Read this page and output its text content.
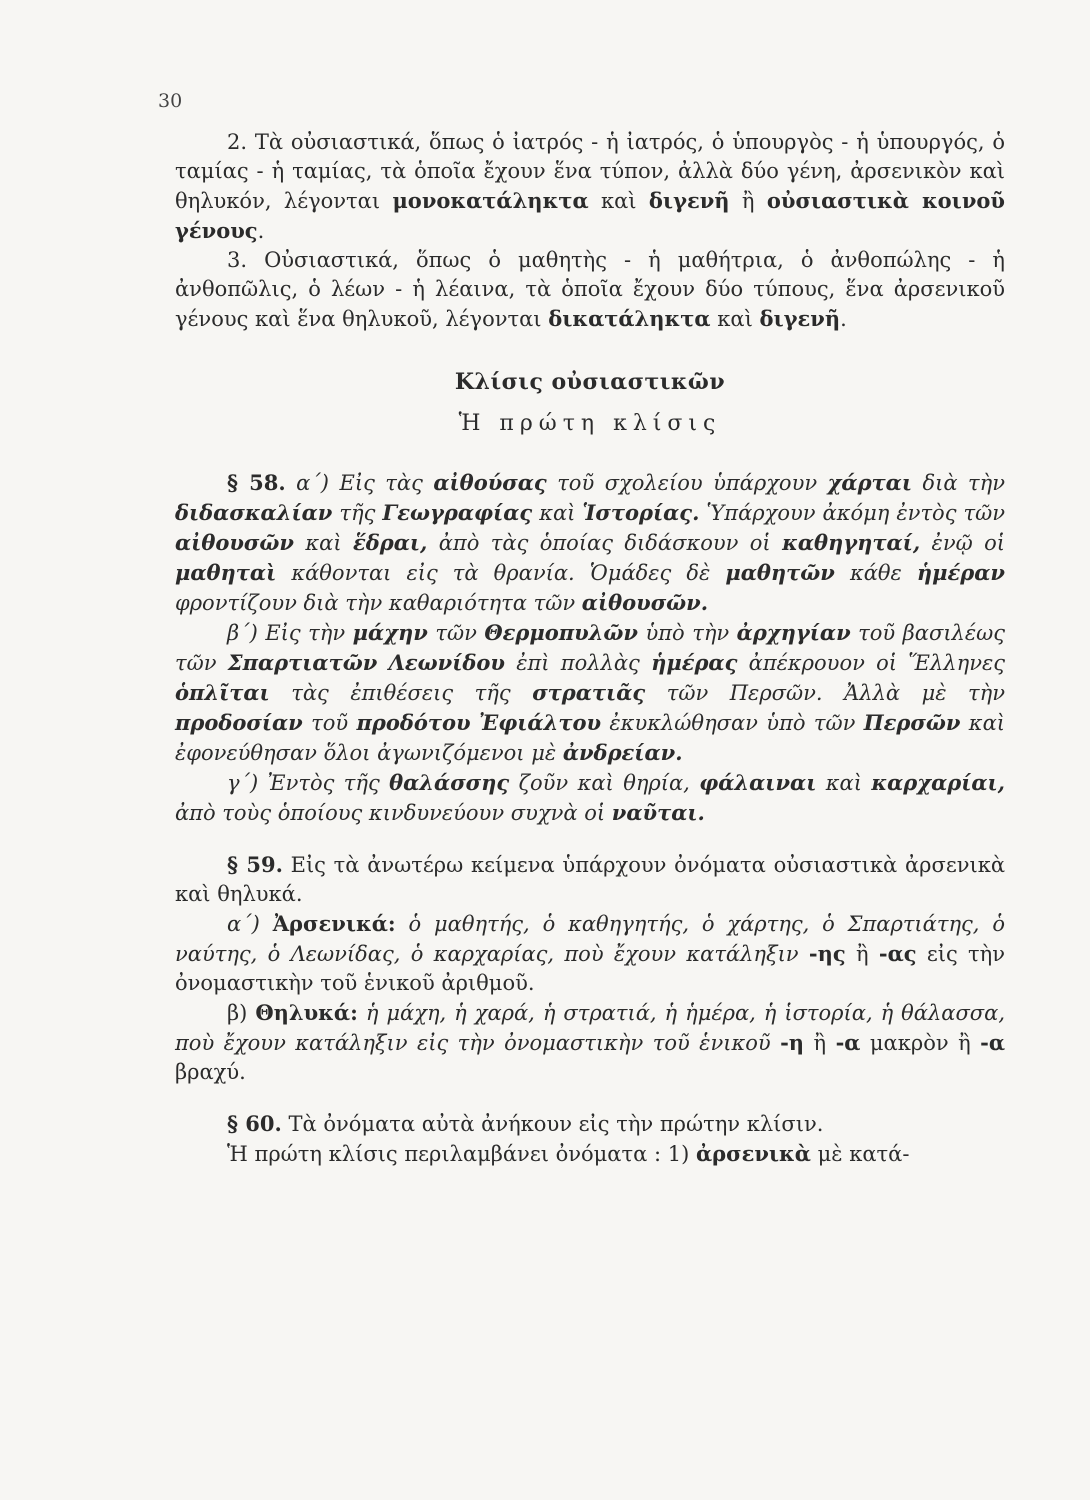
30

2. Τὰ οὐσιαστικά, ὅπως ὁ ἰατρός - ἡ ἰατρός, ὁ ὑπουργὸς - ἡ ὑπουργός, ὁ ταμίας - ἡ ταμίας, τὰ ὁποῖα ἔχουν ἕνα τύπον, ἀλλὰ δύο γένη, ἀρσενικὸν καὶ θηλυκόν, λέγονται μονοκατάληκτα καὶ διγενῆ ἢ οὐσιαστικὰ κοινοῦ γένους.

3. Οὐσιαστικά, ὅπως ὁ μαθητὴς - ἡ μαθήτρια, ὁ ἀνθοπώλης - ἡ ἀνθοπῶλις, ὁ λέων - ἡ λέαινα, τὰ ὁποῖα ἔχουν δύο τύπους, ἕνα ἀρσενικοῦ γένους καὶ ἕνα θηλυκοῦ, λέγονται δικατάληκτα καὶ διγενῆ.

Κλίσις οὐσιαστικῶν

Ἡ πρώτη κλίσις

§ 58. α΄) Εἰς τὰς αἰθούσας τοῦ σχολείου ὑπάρχουν χάρται διὰ τὴν διδασκαλίαν τῆς Γεωγραφίας καὶ Ἱστορίας. Ὑπάρχουν ἀκόμη ἐντὸς τῶν αἰθουσῶν καὶ ἕδραι, ἀπὸ τὰς ὁποίας διδάσκουν οἱ καθηγηταί, ἐνῷ οἱ μαθηταὶ κάθονται εἰς τὰ θρανία. Ὁμάδες δὲ μαθητῶν κάθε ἡμέραν φροντίζουν διὰ τὴν καθαριότητα τῶν αἰθουσῶν.

β΄) Εἰς τὴν μάχην τῶν Θερμοπυλῶν ὑπὸ τὴν ἀρχηγίαν τοῦ βασιλέως τῶν Σπαρτιατῶν Λεωνίδου ἐπὶ πολλὰς ἡμέρας ἀπέκρουον οἱ Ἕλληνες ὁπλῖται τὰς ἐπιθέσεις τῆς στρατιᾶς τῶν Περσῶν. Ἀλλὰ μὲ τὴν προδοσίαν τοῦ προδότου Ἐφιάλτου ἐκυκλώθησαν ὑπὸ τῶν Περσῶν καὶ ἐφονεύθησαν ὅλοι ἀγωνιζόμενοι μὲ ἀνδρείαν.

γ΄) Ἐντὸς τῆς θαλάσσης ζοῦν καὶ θηρία, φάλαιναι καὶ καρχαρίαι, ἀπὸ τοὺς ὁποίους κινδυνεύουν συχνὰ οἱ ναῦται.

§ 59. Εἰς τὰ ἀνωτέρω κείμενα ὑπάρχουν ὀνόματα οὐσιαστικὰ ἀρσενικὰ καὶ θηλυκά.

α΄) Ἀρσενικά: ὁ μαθητής, ὁ καθηγητής, ὁ χάρτης, ὁ Σπαρτιάτης, ὁ ναύτης, ὁ Λεωνίδας, ὁ καρχαρίας, ποὺ ἔχουν κατάληξιν -ης ἢ -ας εἰς τὴν ὀνομαστικὴν τοῦ ἑνικοῦ ἀριθμοῦ.

β) Θηλυκά: ἡ μάχη, ἡ χαρά, ἡ στρατιά, ἡ ἡμέρα, ἡ ἱστορία, ἡ θάλασσα, ποὺ ἔχουν κατάληξιν εἰς τὴν ὀνομαστικὴν τοῦ ἑνικοῦ -η ἢ -α μακρὸν ἢ -α βραχύ.

§ 60. Τὰ ὀνόματα αὐτὰ ἀνήκουν εἰς τὴν πρώτην κλίσιν.

Ἡ πρώτη κλίσις περιλαμβάνει ὀνόματα : 1) ἀρσενικὰ μὲ κατά-
